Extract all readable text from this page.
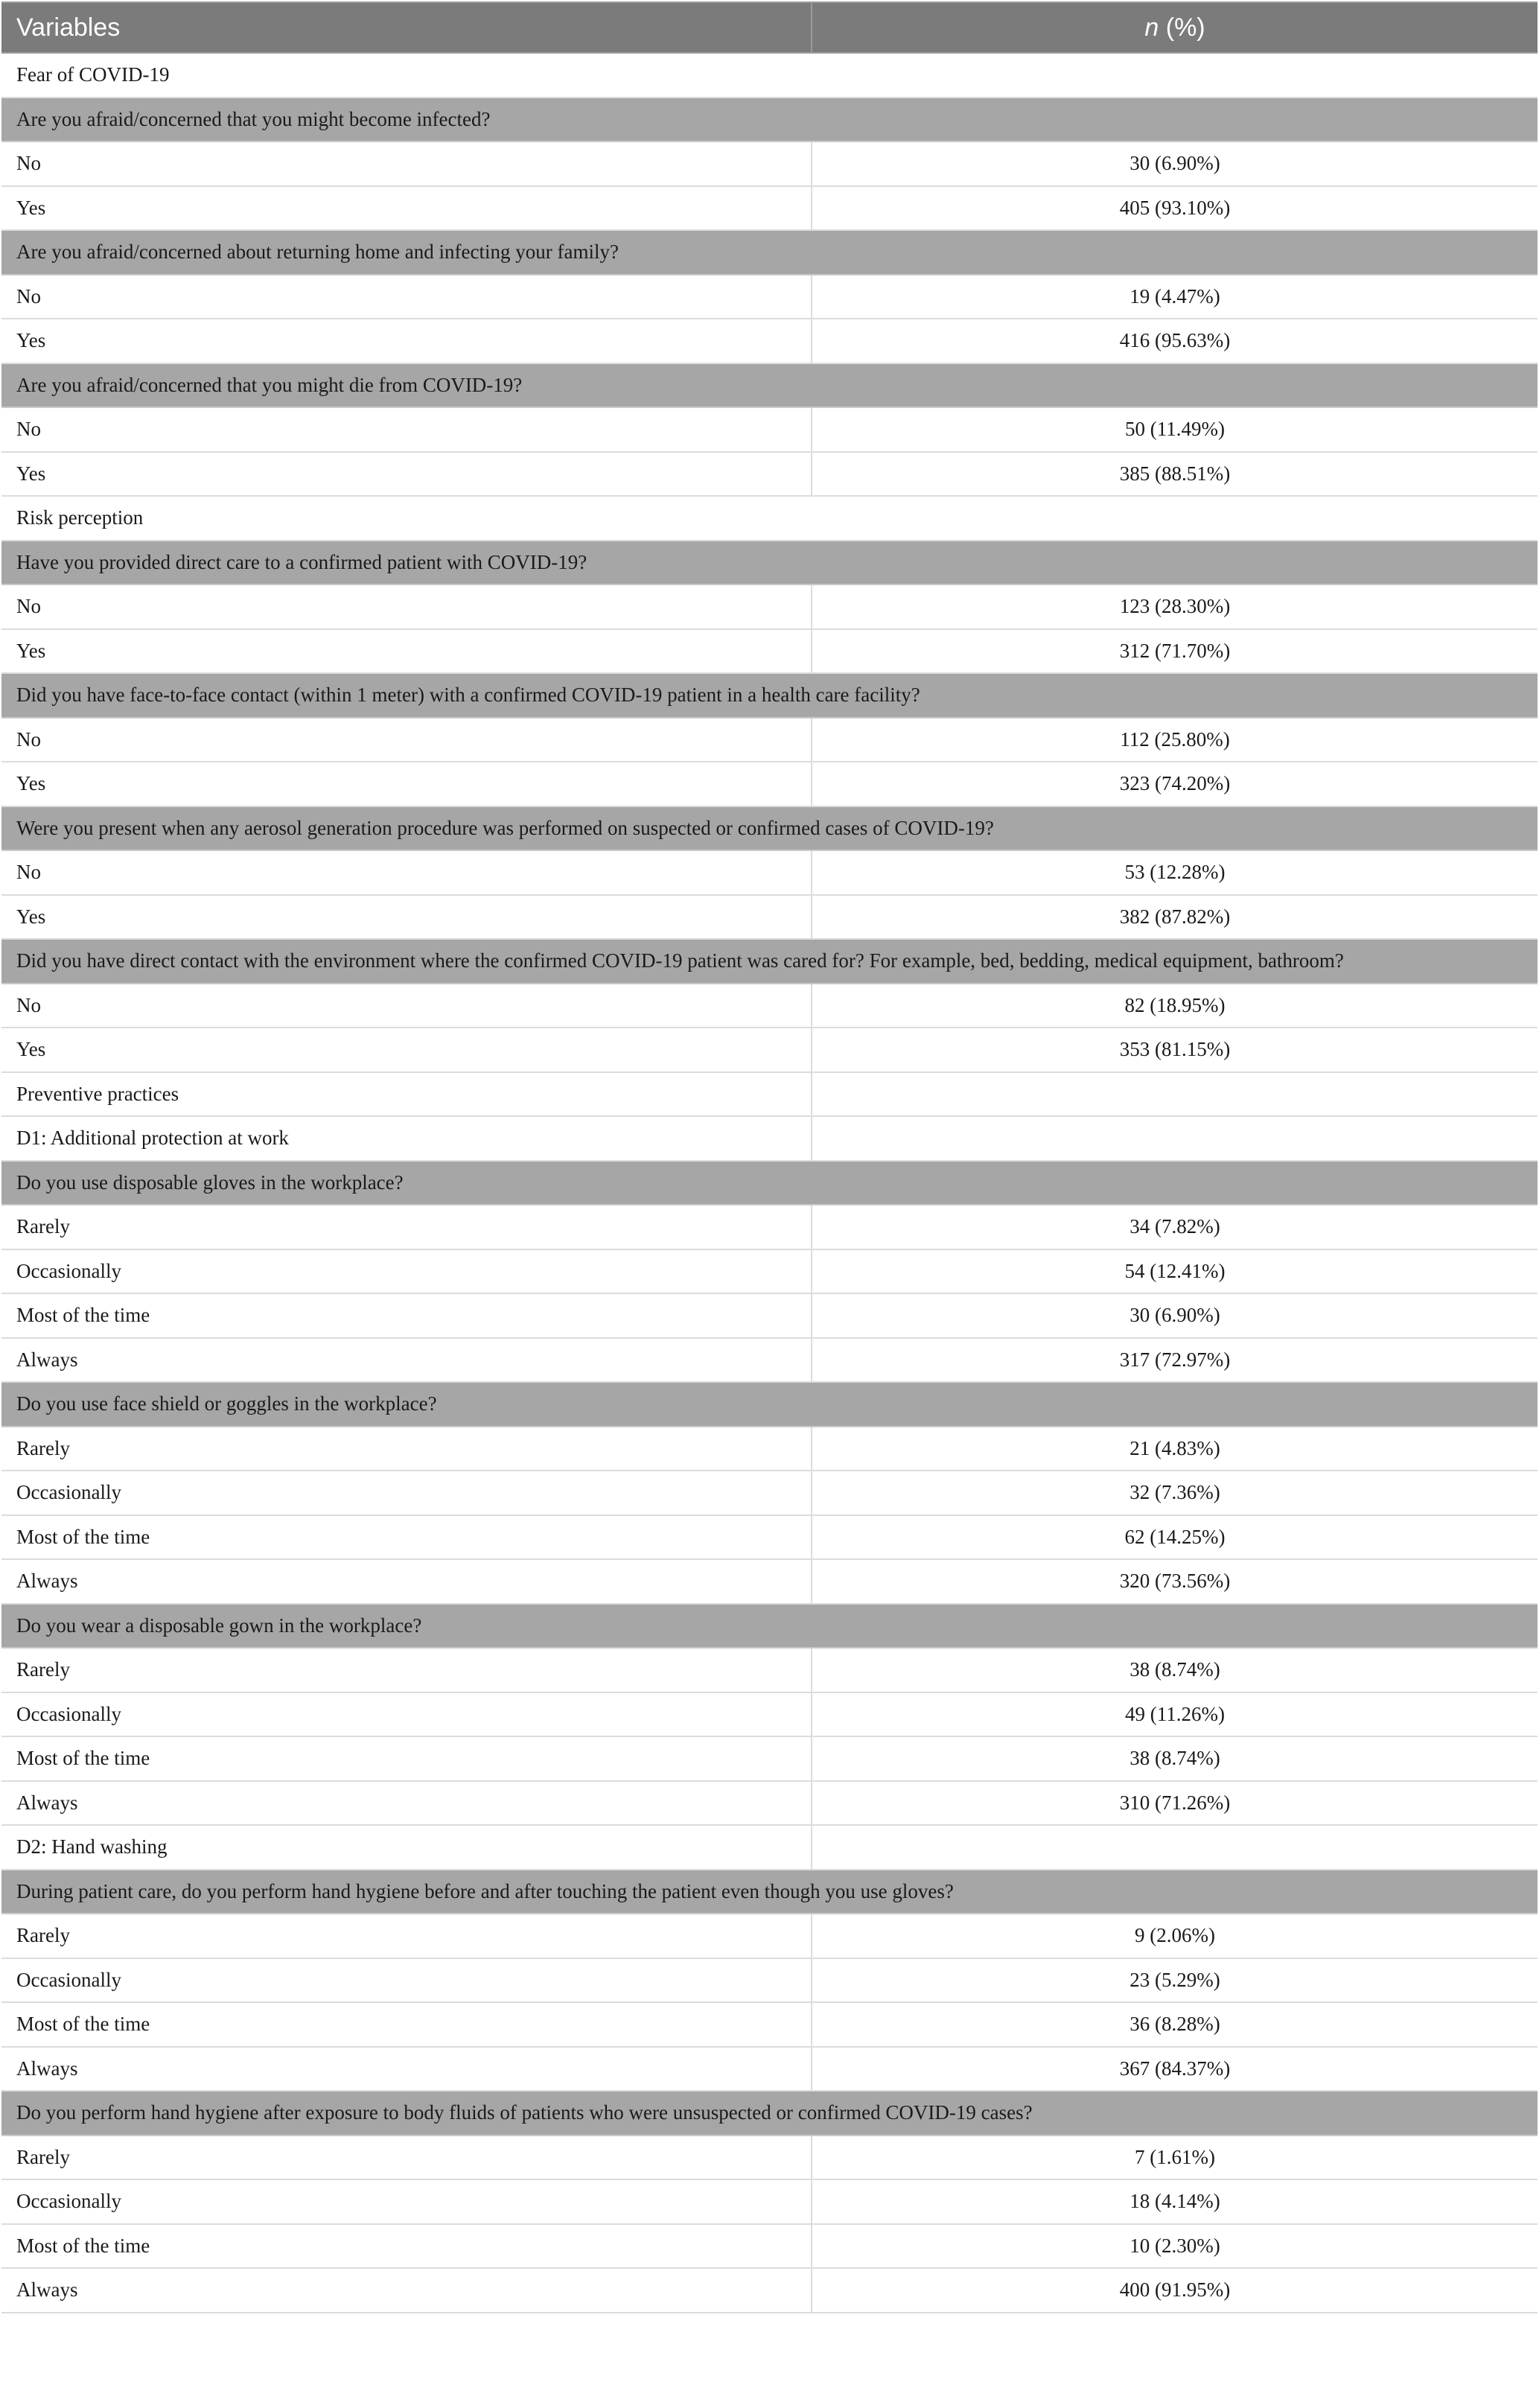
Variables	n (%)
Fear of COVID-19
Are you afraid/concerned that you might become infected?
No	30 (6.90%)
Yes	405 (93.10%)
Are you afraid/concerned about returning home and infecting your family?
No	19 (4.47%)
Yes	416 (95.63%)
Are you afraid/concerned that you might die from COVID-19?
No	50 (11.49%)
Yes	385 (88.51%)
Risk perception
Have you provided direct care to a confirmed patient with COVID-19?
No	123 (28.30%)
Yes	312 (71.70%)
Did you have face-to-face contact (within 1 meter) with a confirmed COVID-19 patient in a health care facility?
No	112 (25.80%)
Yes	323 (74.20%)
Were you present when any aerosol generation procedure was performed on suspected or confirmed cases of COVID-19?
No	53 (12.28%)
Yes	382 (87.82%)
Did you have direct contact with the environment where the confirmed COVID-19 patient was cared for? For example, bed, bedding, medical equipment, bathroom?
No	82 (18.95%)
Yes	353 (81.15%)
Preventive practices
D1: Additional protection at work
Do you use disposable gloves in the workplace?
Rarely	34 (7.82%)
Occasionally	54 (12.41%)
Most of the time	30 (6.90%)
Always	317 (72.97%)
Do you use face shield or goggles in the workplace?
Rarely	21 (4.83%)
Occasionally	32 (7.36%)
Most of the time	62 (14.25%)
Always	320 (73.56%)
Do you wear a disposable gown in the workplace?
Rarely	38 (8.74%)
Occasionally	49 (11.26%)
Most of the time	38 (8.74%)
Always	310 (71.26%)
D2: Hand washing
During patient care, do you perform hand hygiene before and after touching the patient even though you use gloves?
Rarely	9 (2.06%)
Occasionally	23 (5.29%)
Most of the time	36 (8.28%)
Always	367 (84.37%)
Do you perform hand hygiene after exposure to body fluids of patients who were unsuspected or confirmed COVID-19 cases?
Rarely	7 (1.61%)
Occasionally	18 (4.14%)
Most of the time	10 (2.30%)
Always	400 (91.95%)
